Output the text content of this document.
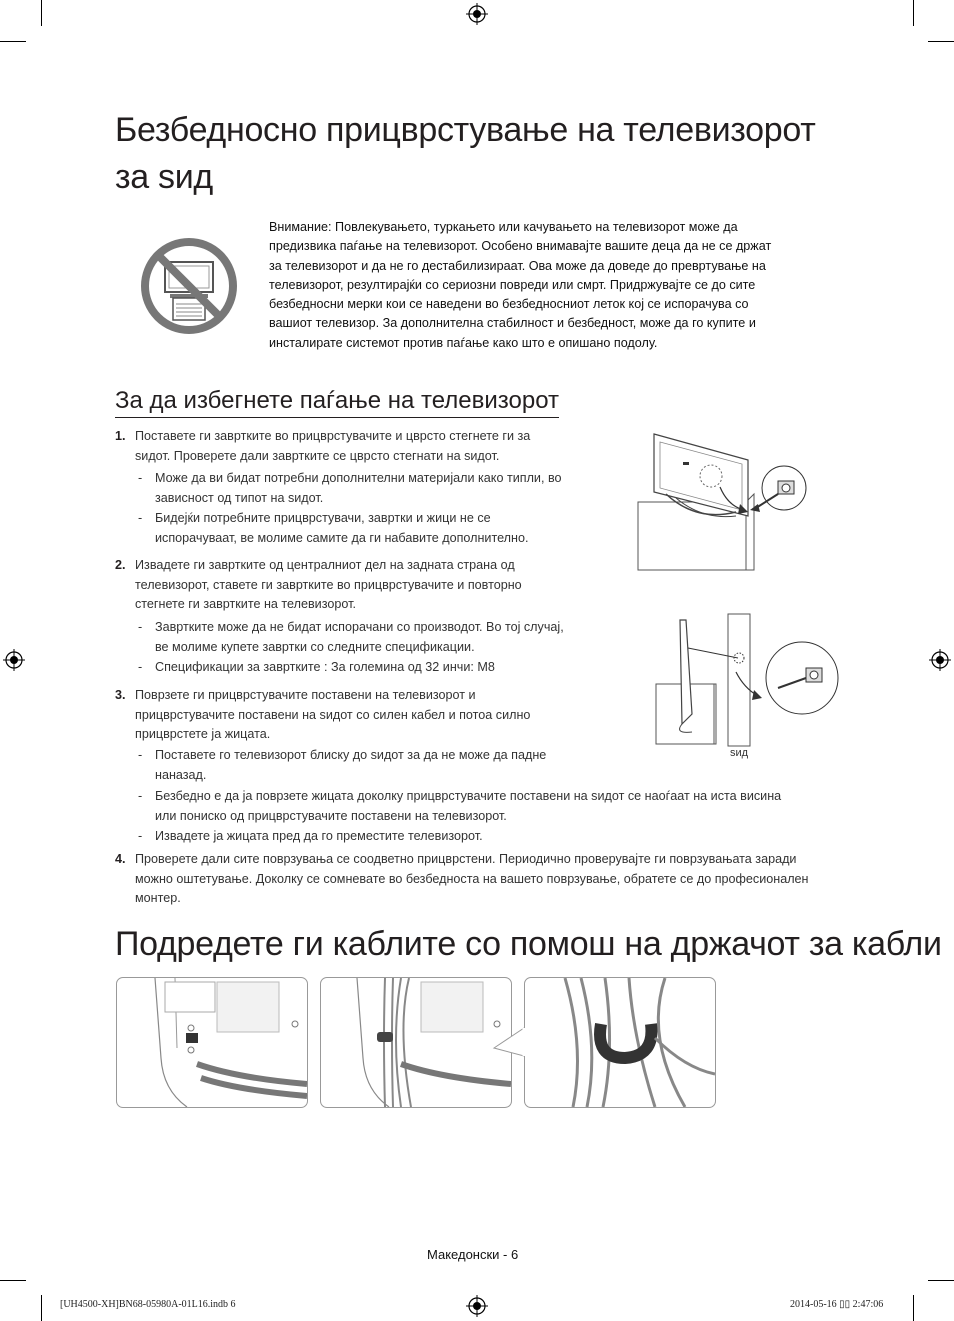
Безбедносно прицврстување на телевизорот
за ѕид
Внимание: Повлекувањето, туркањето или качувањето на телевизорот може да
предизвика паѓање на телевизорот. Особено внимавајте вашите деца да не се држат
за телевизорот и да не го дестабилизираат. Ова може да доведе до превртување на
телевизорот, резултирајќи со сериозни повреди или смрт. Придржувајте се до сите
безбедносни мерки кои се наведени во безбедносниот леток кој се испорачува со
вашиот телевизор. За дополнителна стабилност и безбедност, може да го купите и
инсталирате системот против паѓање како што е опишано подолу.
За да избегнете паѓање на телевизорот
1. Поставете ги завртките во прицврстувачите и цврсто стегнете ги за
ѕидот. Проверете дали завртките се цврсто стегнати на ѕидот.
- Може да ви бидат потребни дополнителни материјали како типли, во
зависност од типот на ѕидот.
- Бидејќи потребните прицврстувачи, завртки и жици не се
испорачуваат, ве молиме самите да ги набавите дополнително.
2. Извадете ги завртките од централниот дел на задната страна од
телевизорот, ставете ги завртките во прицврстувачите и повторно
стегнете ги завртките на телевизорот.
- Завртките може да не бидат испорачани со производот. Во тој случај,
ве молиме купете завртки со следните спецификации.
- Спецификации за завртките : За големина од 32 инчи: M8
3. Поврзете ги прицврстувачите поставени на телевизорот и
прицврстувачите поставени на ѕидот со силен кабел и потоа силно
прицврстете ја жицата.
- Поставете го телевизорот блиску до ѕидот за да не може да падне
наназад.
- Безбедно е да ја поврзете жицата доколку прицврстувачите поставени на ѕидот се наоѓаат на иста висина
или пониско од прицврстувачите поставени на телевизорот.
- Извадете ја жицата пред да го преместите телевизорот.
4. Проверете дали сите поврзувања се соодветно прицврстени. Периодично проверувајте ги поврзувањата заради
можно оштетување. Доколку се сомневате во безбедноста на вашето поврзување, обратете се до професионален
монтер.
ѕид
Подредете ги каблите со помош на држачот за кабли
Македонски - 6
[UH4500-XH]BN68-05980A-01L16.indb 6	2014-05-16 ▯▯ 2:47:06
